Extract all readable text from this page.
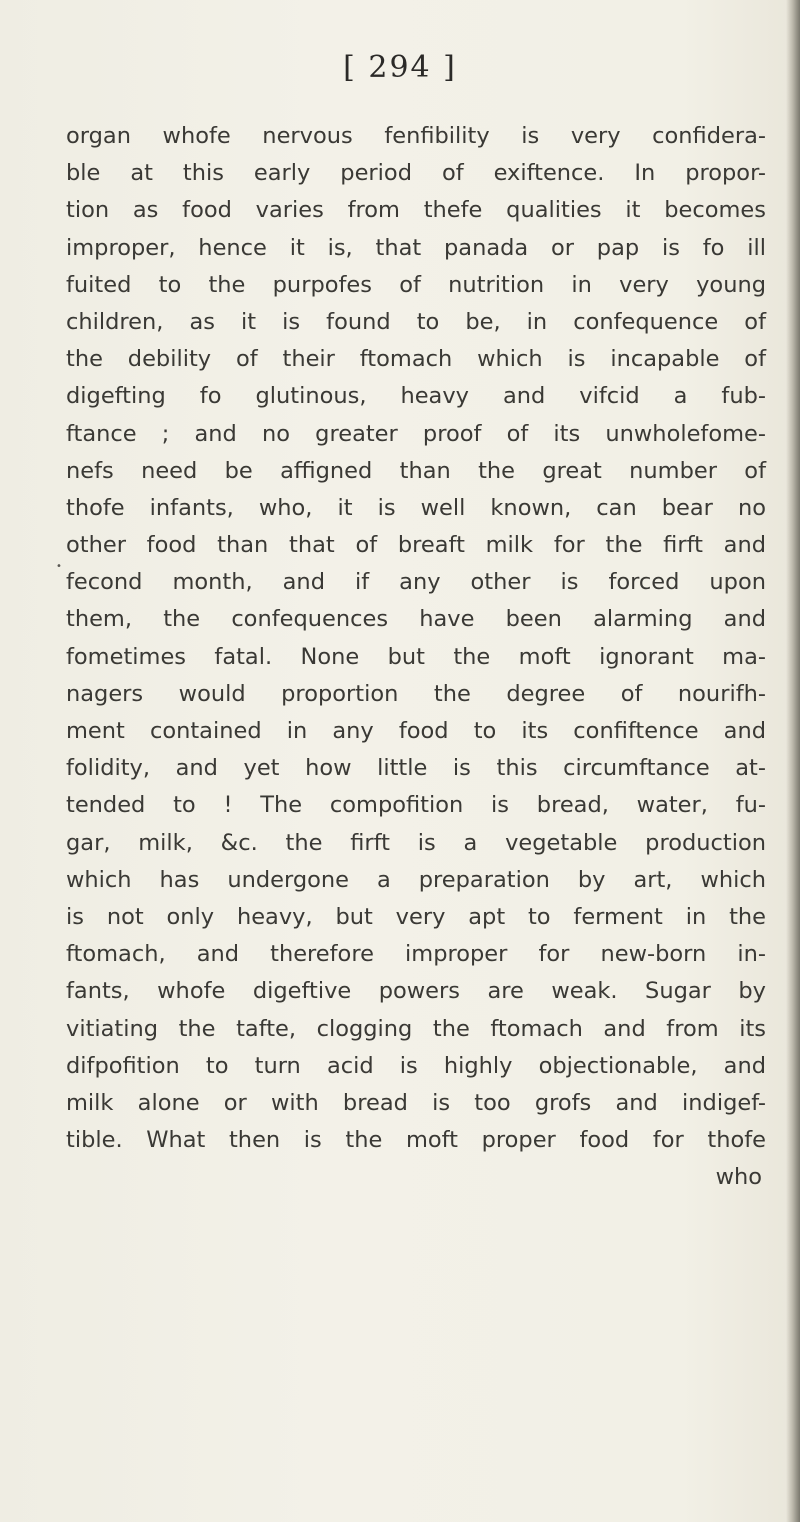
[ 294 ]
•
organ whofe nervous fenfibility is very confidera-
ble at this early period of exiftence. In propor-
tion as food varies from thefe qualities it becomes
improper, hence it is, that panada or pap is fo ill
fuited to the purpofes of nutrition in very young
children, as it is found to be, in confequence of
the debility of their ftomach which is incapable of
digefting fo glutinous, heavy and vifcid a fub-
ftance ; and no greater proof of its unwholefome-
nefs need be affigned than the great number of
thofe infants, who, it is well known, can bear no
other food than that of breaft milk for the firft and
fecond month, and if any other is forced upon
them, the confequences have been alarming and
fometimes fatal. None but the moft ignorant ma-
nagers would proportion the degree of nourifh-
ment contained in any food to its confiftence and
folidity, and yet how little is this circumftance at-
tended to ! The compofition is bread, water, fu-
gar, milk, &c. the firft is a vegetable production
which has undergone a preparation by art, which
is not only heavy, but very apt to ferment in the
ftomach, and therefore improper for new-born in-
fants, whofe digeftive powers are weak. Sugar by
vitiating the tafte, clogging the ftomach and from its
difpofition to turn acid is highly objectionable, and
milk alone or with bread is too grofs and indigef-
tible. What then is the moft proper food for thofe
who
